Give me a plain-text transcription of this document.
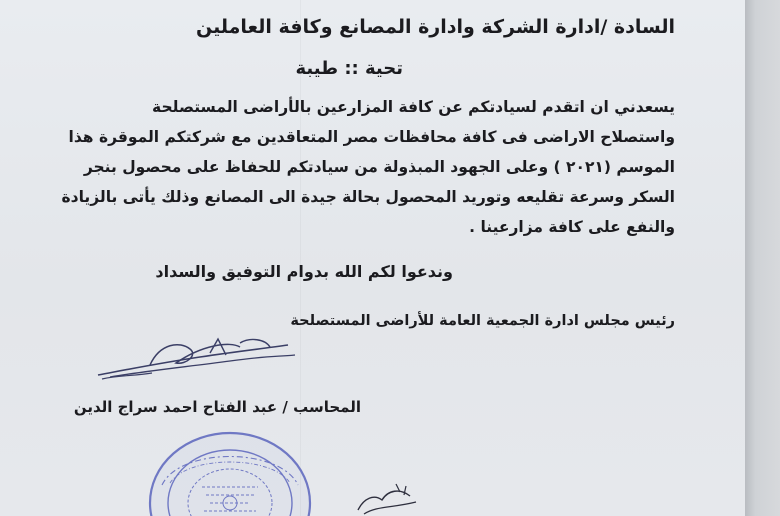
السادة /ادارة الشركة وادارة المصانع وكافة العاملين
تحية :: طيبة
يسعدني ان اتقدم لسيادتكم عن كافة المزارعين بالأراضى المستصلحة
واستصلاح الاراضى فى كافة محافظات مصر المتعاقدين مع شركتكم الموقرة هذا
الموسم (٢٠٢١ ) وعلى الجهود المبذولة من سيادتكم للحفاظ على محصول بنجر
السكر وسرعة تقليعه وتوريد المحصول بحالة جيدة الى المصانع وذلك يأتى بالزيادة
والنفع على كافة مزارعينا .
وندعوا لكم الله بدوام التوفيق والسداد
رئيس مجلس ادارة الجمعية العامة للأراضى المستصلحة
المحاسب / عبد الفتاح احمد سراج الدين
